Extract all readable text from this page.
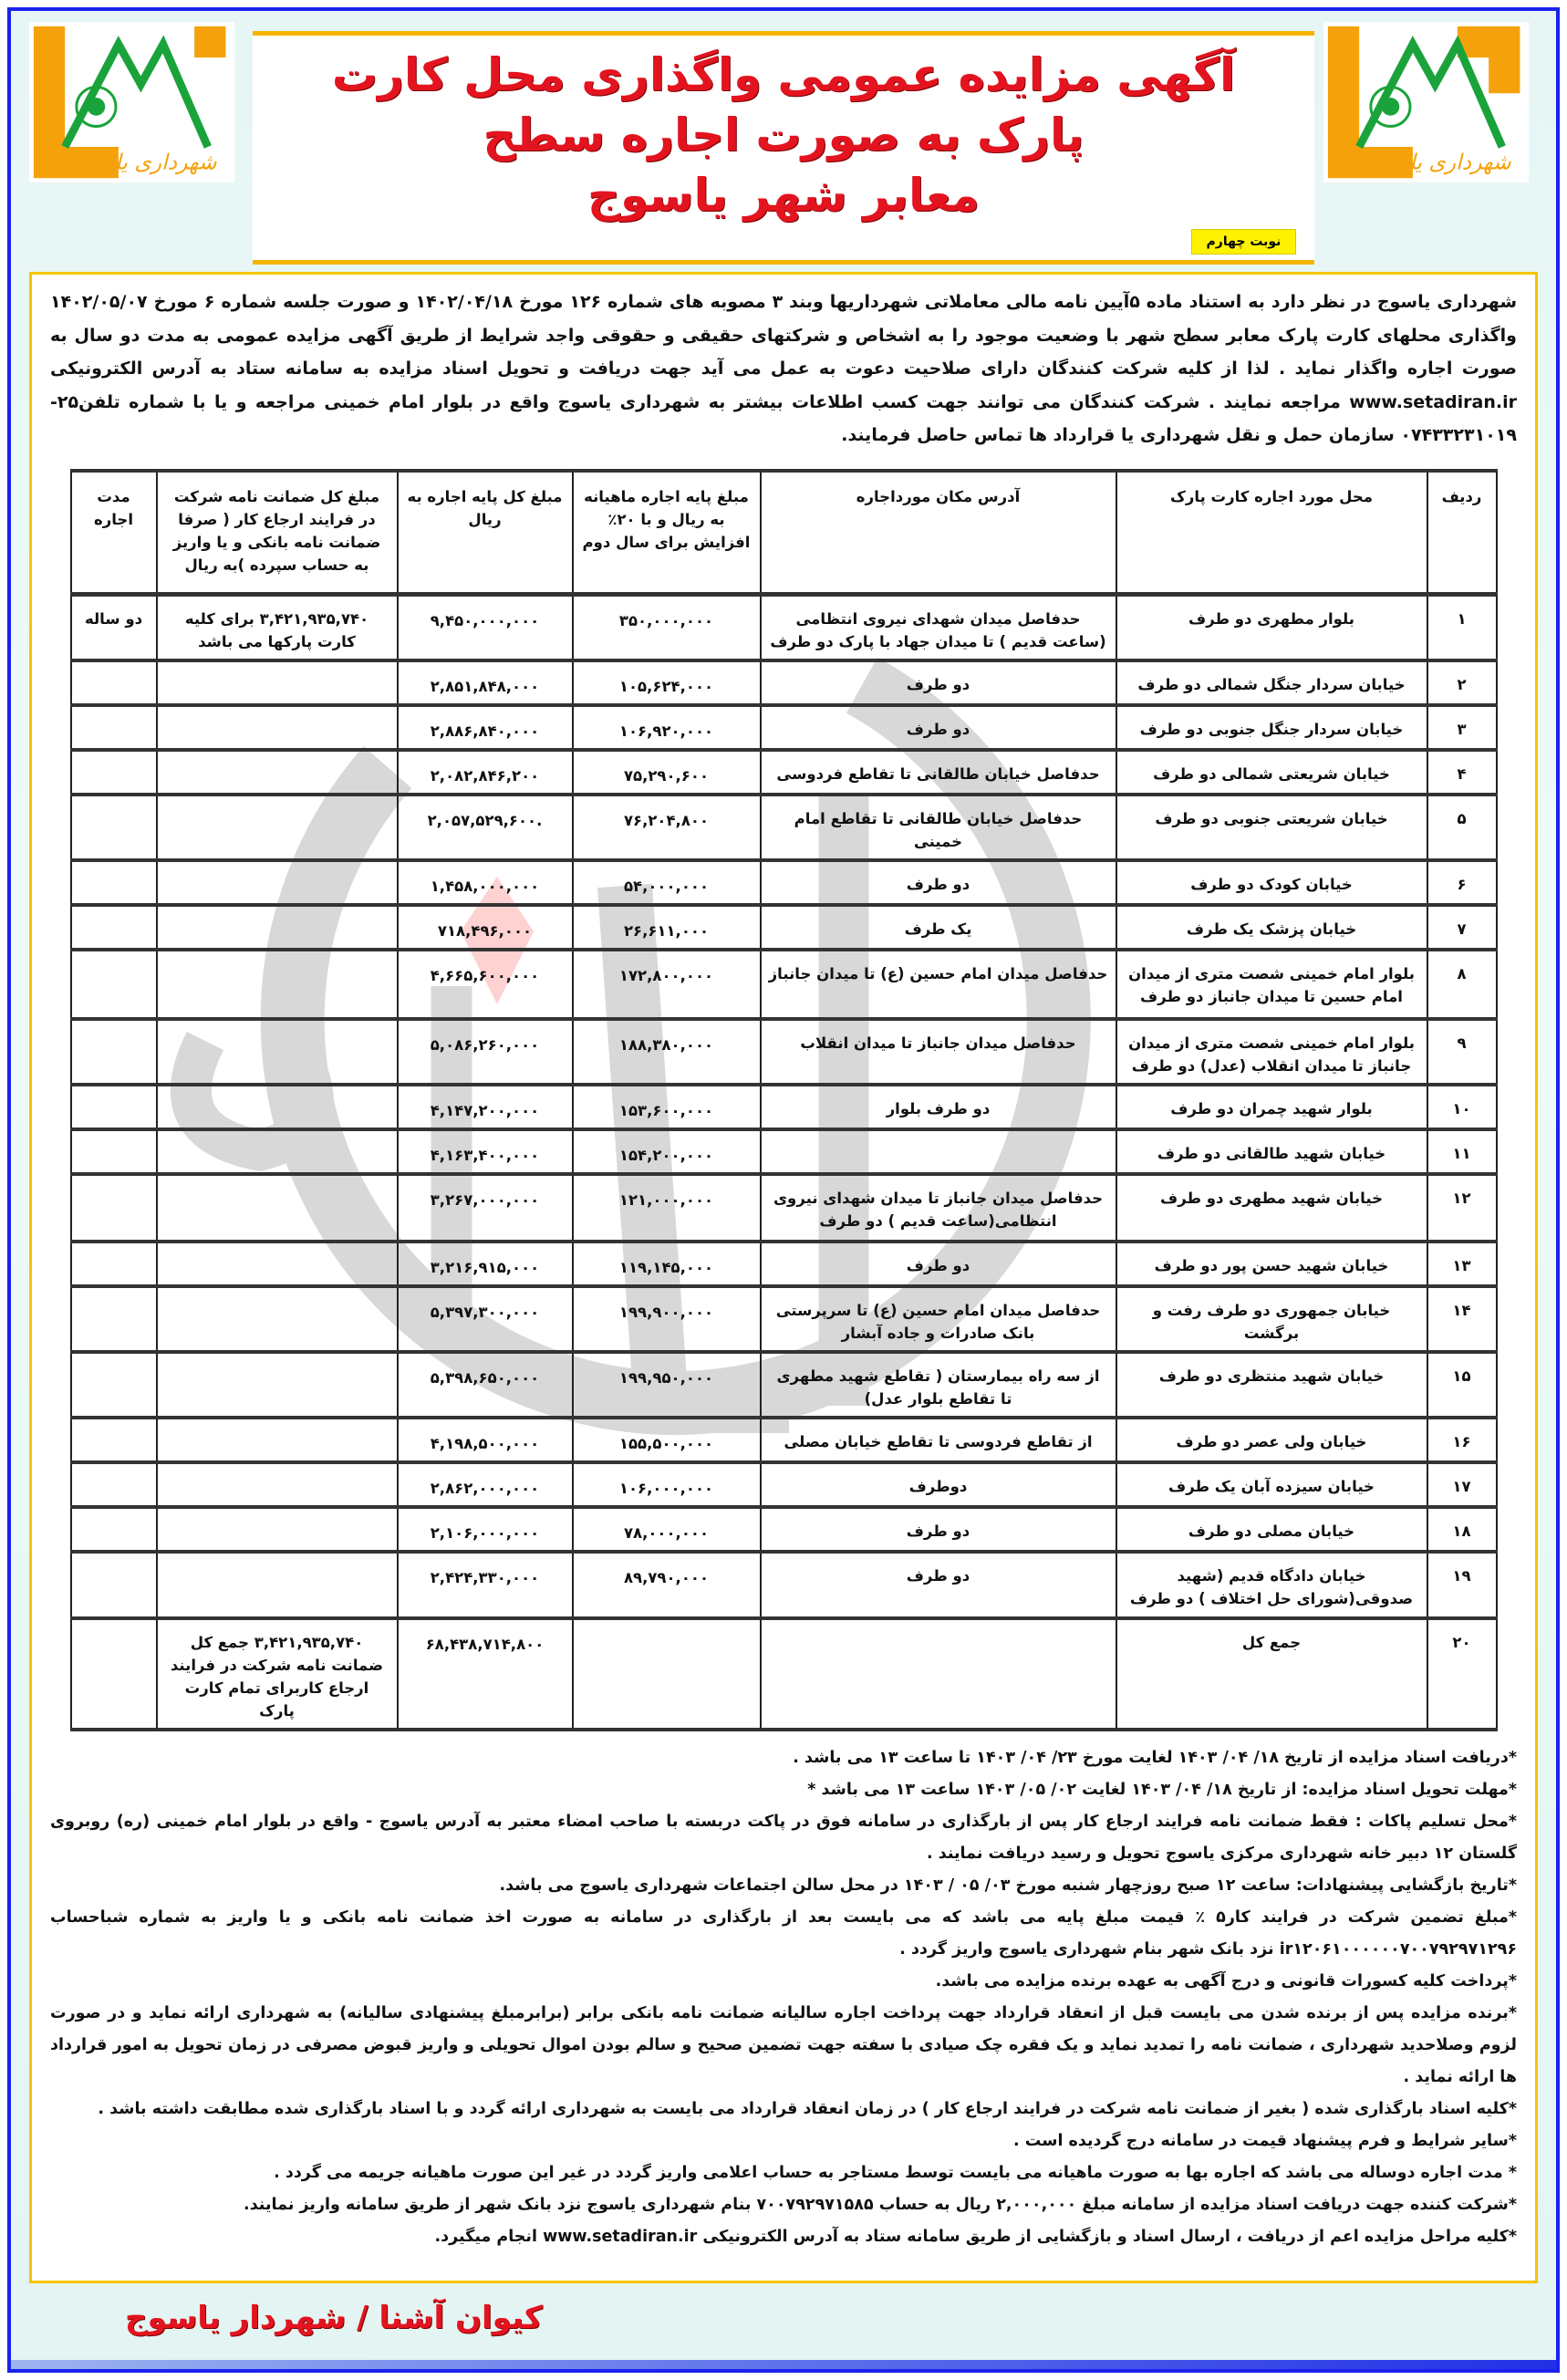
شهرداری یاسوج
آگهی مزایده عمومی واگذاری محل کارت پارک به صورت اجاره سطح
معابر شهر یاسوج
نوبت چهارم
شهرداری یاسوج

شهرداری یاسوج در نظر دارد به استناد ماده ۵آیین نامه مالی معاملاتی شهرداریها وبند ۳ مصوبه های شماره ۱۲۶ مورخ ۱۴۰۲/۰۴/۱۸ و صورت جلسه شماره ۶ مورخ ۱۴۰۲/۰۵/۰۷ واگذاری محلهای کارت پارک معابر سطح شهر با وضعیت موجود را به اشخاص و شرکتهای حقیقی و حقوقی واجد شرایط از طریق آگهی مزایده عمومی به مدت دو سال به صورت اجاره واگذار نماید . لذا از کلیه شرکت کنندگان دارای صلاحیت دعوت به عمل می آید جهت دریافت و تحویل اسناد مزایده به سامانه ستاد به آدرس الکترونیکی www.setadiran.ir مراجعه نمایند . شرکت کنندگان می توانند جهت کسب اطلاعات بیشتر به شهرداری یاسوج واقع در بلوار امام خمینی مراجعه و یا با شماره تلفن۲۵- ۰۷۴۳۳۲۳۱۰۱۹ سازمان حمل و نقل شهرداری یا قرارداد ها تماس حاصل فرمایند.

ردیف	محل مورد اجاره کارت پارک	آدرس مکان مورداجاره	مبلغ پایه اجاره ماهیانه به ریال و با ۲۰٪ افزایش برای سال دوم	مبلغ کل پایه اجاره به ریال	مبلغ کل ضمانت نامه شرکت در فرایند ارجاع کار ( صرفا ضمانت نامه بانکی و یا واریز به حساب سپرده )به ریال	مدت اجاره
۱	بلوار مطهری دو طرف	حدفاصل میدان شهدای نیروی انتظامی (ساعت قدیم ) تا میدان جهاد با پارک دو طرف	۳۵۰,۰۰۰,۰۰۰	۹,۴۵۰,۰۰۰,۰۰۰	۳,۴۲۱,۹۳۵,۷۴۰ برای کلیه کارت پارکها می باشد	دو ساله
۲	خیابان سردار جنگل شمالی دو طرف	دو طرف	۱۰۵,۶۲۴,۰۰۰	۲,۸۵۱,۸۴۸,۰۰۰		
۳	خیابان سردار جنگل جنوبی دو طرف	دو طرف	۱۰۶,۹۲۰,۰۰۰	۲,۸۸۶,۸۴۰,۰۰۰		
۴	خیابان شریعتی شمالی دو طرف	حدفاصل خیابان طالقانی تا تقاطع فردوسی	۷۵,۲۹۰,۶۰۰	۲,۰۸۲,۸۴۶,۲۰۰		
۵	خیابان شریعتی جنوبی دو طرف	حدفاصل خیابان طالقانی تا تقاطع امام خمینی	۷۶,۲۰۴,۸۰۰	۲,۰۵۷,۵۲۹,۶۰۰.		
۶	خیابان کودک دو طرف	دو طرف	۵۴,۰۰۰,۰۰۰	۱,۴۵۸,۰۰۰,۰۰۰		
۷	خیابان پزشک یک طرف	یک طرف	۲۶,۶۱۱,۰۰۰	۷۱۸,۴۹۶,۰۰۰		
۸	بلوار امام خمینی شصت متری از میدان امام حسین تا میدان جانباز دو طرف	حدفاصل میدان امام حسین (ع) تا میدان جانباز	۱۷۲,۸۰۰,۰۰۰	۴,۶۶۵,۶۰۰,۰۰۰		
۹	بلوار امام خمینی شصت متری از میدان جانباز تا میدان انقلاب (عدل) دو طرف	حدفاصل میدان جانباز تا میدان انقلاب	۱۸۸,۳۸۰,۰۰۰	۵,۰۸۶,۲۶۰,۰۰۰		
۱۰	بلوار شهید چمران دو طرف	دو طرف بلوار	۱۵۳,۶۰۰,۰۰۰	۴,۱۴۷,۲۰۰,۰۰۰		
۱۱	خیابان شهید طالقانی دو طرف		۱۵۴,۲۰۰,۰۰۰	۴,۱۶۳,۴۰۰,۰۰۰		
۱۲	خیابان شهید مطهری دو طرف	حدفاصل میدان جانباز تا میدان شهدای نیروی انتظامی(ساعت قدیم ) دو طرف	۱۲۱,۰۰۰,۰۰۰	۳,۲۶۷,۰۰۰,۰۰۰		
۱۳	خیابان شهید حسن پور دو طرف	دو طرف	۱۱۹,۱۴۵,۰۰۰	۳,۲۱۶,۹۱۵,۰۰۰		
۱۴	خیابان جمهوری دو طرف رفت و برگشت	حدفاصل میدان امام حسین (ع) تا سرپرستی بانک صادرات و جاده آبشار	۱۹۹,۹۰۰,۰۰۰	۵,۳۹۷,۳۰۰,۰۰۰		
۱۵	خیابان شهید منتظری دو طرف	از سه راه بیمارستان ( تقاطع شهید مطهری تا تقاطع بلوار عدل)	۱۹۹,۹۵۰,۰۰۰	۵,۳۹۸,۶۵۰,۰۰۰		
۱۶	خیابان ولی عصر دو طرف	از تقاطع فردوسی تا تقاطع خیابان مصلی	۱۵۵,۵۰۰,۰۰۰	۴,۱۹۸,۵۰۰,۰۰۰		
۱۷	خیابان سیزده آبان یک طرف	دوطرف	۱۰۶,۰۰۰,۰۰۰	۲,۸۶۲,۰۰۰,۰۰۰		
۱۸	خیابان مصلی دو طرف	دو طرف	۷۸,۰۰۰,۰۰۰	۲,۱۰۶,۰۰۰,۰۰۰		
۱۹	خیابان دادگاه قدیم (شهید صدوقی(شورای حل اختلاف ) دو طرف	دو طرف	۸۹,۷۹۰,۰۰۰	۲,۴۲۴,۳۳۰,۰۰۰		
۲۰	جمع کل			۶۸,۴۳۸,۷۱۴,۸۰۰	۳,۴۲۱,۹۳۵,۷۴۰ جمع کل ضمانت نامه شرکت در فرایند ارجاع کاربرای تمام کارت پارک	

*دریافت اسناد مزایده از تاریخ ۱۸/ ۰۴/ ۱۴۰۳ لغایت مورخ ۲۳/ ۰۴/ ۱۴۰۳ تا ساعت ۱۳ می باشد .

*مهلت تحویل اسناد مزایده: از تاریخ ۱۸/ ۰۴/ ۱۴۰۳ لغایت ۰۲/ ۰۵/ ۱۴۰۳ ساعت ۱۳ می باشد *

*محل تسلیم پاکات : فقط ضمانت نامه فرایند ارجاع کار پس از بارگذاری در سامانه فوق در پاکت دربسته با صاحب امضاء معتبر به آدرس یاسوج - واقع در بلوار امام خمینی (ره) روبروی گلستان ۱۲ دبیر خانه شهرداری مرکزی یاسوج تحویل و رسید دریافت نمایند .

*تاریخ بازگشایی پیشنهادات: ساعت ۱۲ صبح روزچهار شنبه مورخ ۰۳/ ۰۵ / ۱۴۰۳ در محل سالن اجتماعات شهرداری یاسوج می باشد.

*مبلغ تضمین شرکت در فرایند کار۵ ٪ قیمت مبلغ پایه می باشد که می بایست بعد از بارگذاری در سامانه به صورت اخذ ضمانت نامه بانکی و یا واریز به شماره شباحساب ir۱۲۰۶۱۰۰۰۰۰۰۷۰۰۷۹۲۹۷۱۲۹۶ نزد بانک شهر بنام شهرداری یاسوج واریز گردد .

*پرداخت کلیه کسورات قانونی و درج آگهی به عهده برنده مزایده می باشد.

*برنده مزایده پس از برنده شدن می بایست قبل از انعقاد قرارداد جهت پرداخت اجاره سالیانه ضمانت نامه بانکی برابر (برابرمبلغ پیشنهادی سالیانه) به شهرداری ارائه نماید و در صورت لزوم وصلاحدید شهرداری ، ضمانت نامه را تمدید نماید و یک فقره چک صیادی با سفته جهت تضمین صحیح و سالم بودن اموال تحویلی و واریز قبوض مصرفی در زمان تحویل به امور قرارداد ها ارائه نماید .

*کلیه اسناد بارگذاری شده ( بغیر از ضمانت نامه شرکت در فرایند ارجاع کار ) در زمان انعقاد قرارداد می بایست به شهرداری ارائه گردد و با اسناد بارگذاری شده مطابقت داشته باشد .

*سایر شرایط و فرم پیشنهاد قیمت در سامانه درج گردیده است .

* مدت اجاره دوساله می باشد که اجاره بها به صورت ماهیانه می بایست توسط مستاجر به حساب اعلامی واریز گردد در غیر این صورت ماهیانه جریمه می گردد .

*شرکت کننده جهت دریافت اسناد مزایده از سامانه مبلغ ۲,۰۰۰,۰۰۰ ریال به حساب ۷۰۰۷۹۲۹۷۱۵۸۵ بنام شهرداری یاسوج نزد بانک شهر از طریق سامانه واریز نمایند.

*کلیه مراحل مزایده اعم از دریافت ، ارسال اسناد و بازگشایی از طریق سامانه ستاد به آدرس الکترونیکی www.setadiran.ir انجام میگیرد.

کیوان آشنا / شهردار یاسوج
